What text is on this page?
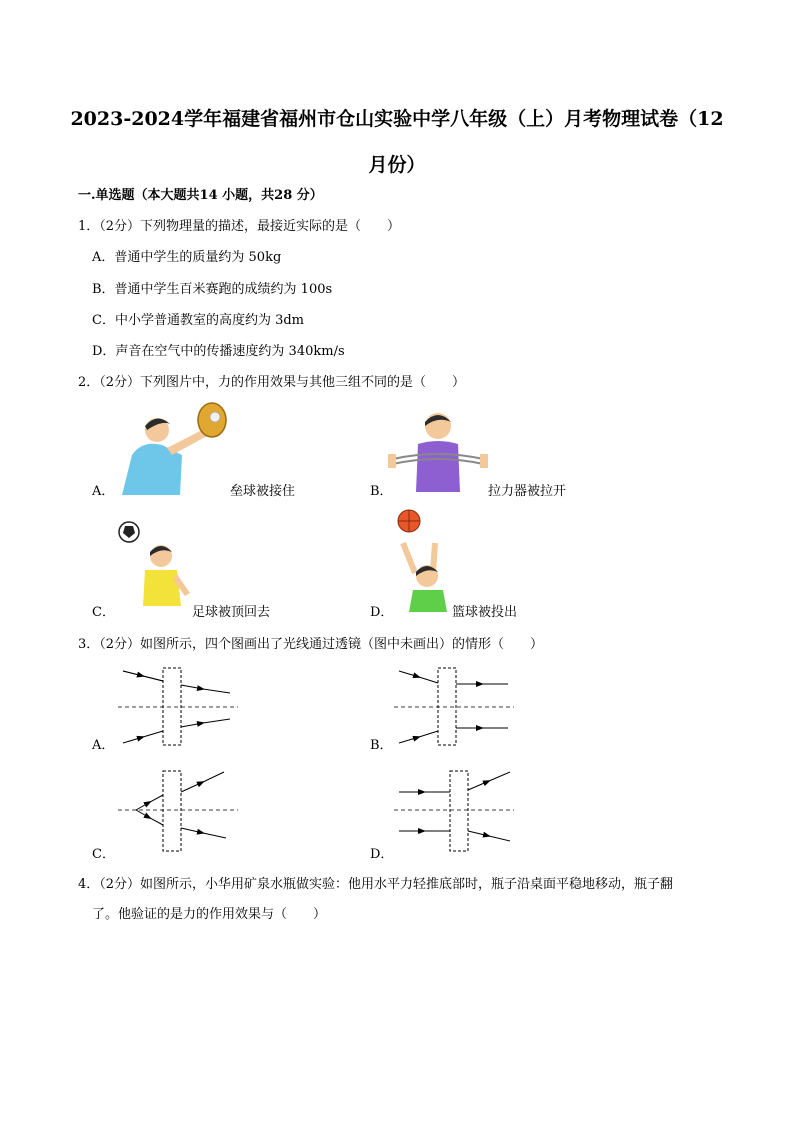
2023-2024学年福建省福州市仓山实验中学八年级（上）月考物理试卷（12
月份）
一.单选题（本大题共14 小题，共28 分）
1．（2分）下列物理量的描述，最接近实际的是（　　）
A．普通中学生的质量约为 50kg
B．普通中学生百米赛跑的成绩约为 100s
C．中小学普通教室的高度约为 3dm
D．声音在空气中的传播速度约为 340km/s
2．（2分）下列图片中，力的作用效果与其他三组不同的是（　　）
A．	垒球被接住	B．	拉力器被拉开
C．	足球被顶回去	D．	篮球被投出
3．（2分）如图所示，四个图画出了光线通过透镜（图中未画出）的情形（　　）
A．	B．
C．	D．
4．（2分）如图所示，小华用矿泉水瓶做实验：他用水平力轻推底部时，瓶子沿桌面平稳地移动，瓶子翻
了。他验证的是力的作用效果与（　　）
